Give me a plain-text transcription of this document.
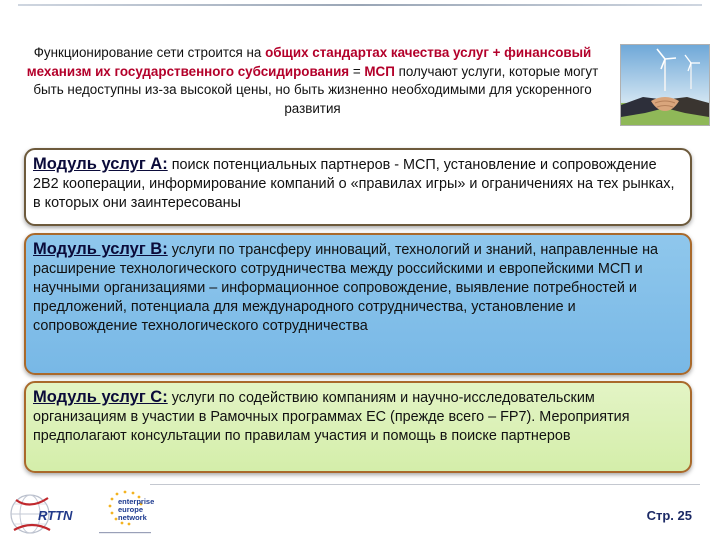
Функционирование сети строится на общих стандартах качества услуг + финансовый механизм их государственного субсидирования = МСП получают услуги, которые могут быть недоступны из-за высокой цены, но быть жизненно необходимыми для ускоренного развития

Модуль услуг А: поиск потенциальных партнеров - МСП, установление и сопровождение 2В2 кооперации, информирование компаний о «правилах игры» и ограничениях на тех рынках, в которых они заинтересованы

Модуль услуг В: услуги по трансферу инноваций, технологий и знаний, направленные на расширение технологического сотрудничества между российскими и европейскими МСП и научными организациями – информационное сопровождение, выявление потребностей и предложений, потенциала для международного сотрудничества, установление и сопровождение технологического сотрудничества

Модуль услуг С: услуги по содействию компаниям и научно-исследовательским организациям в участии в Рамочных программах ЕС (прежде всего – FP7). Мероприятия предполагают консультации по правилам участия и помощь в поиске партнеров

RTTN
enterprise
europe
network	Стр. 25
